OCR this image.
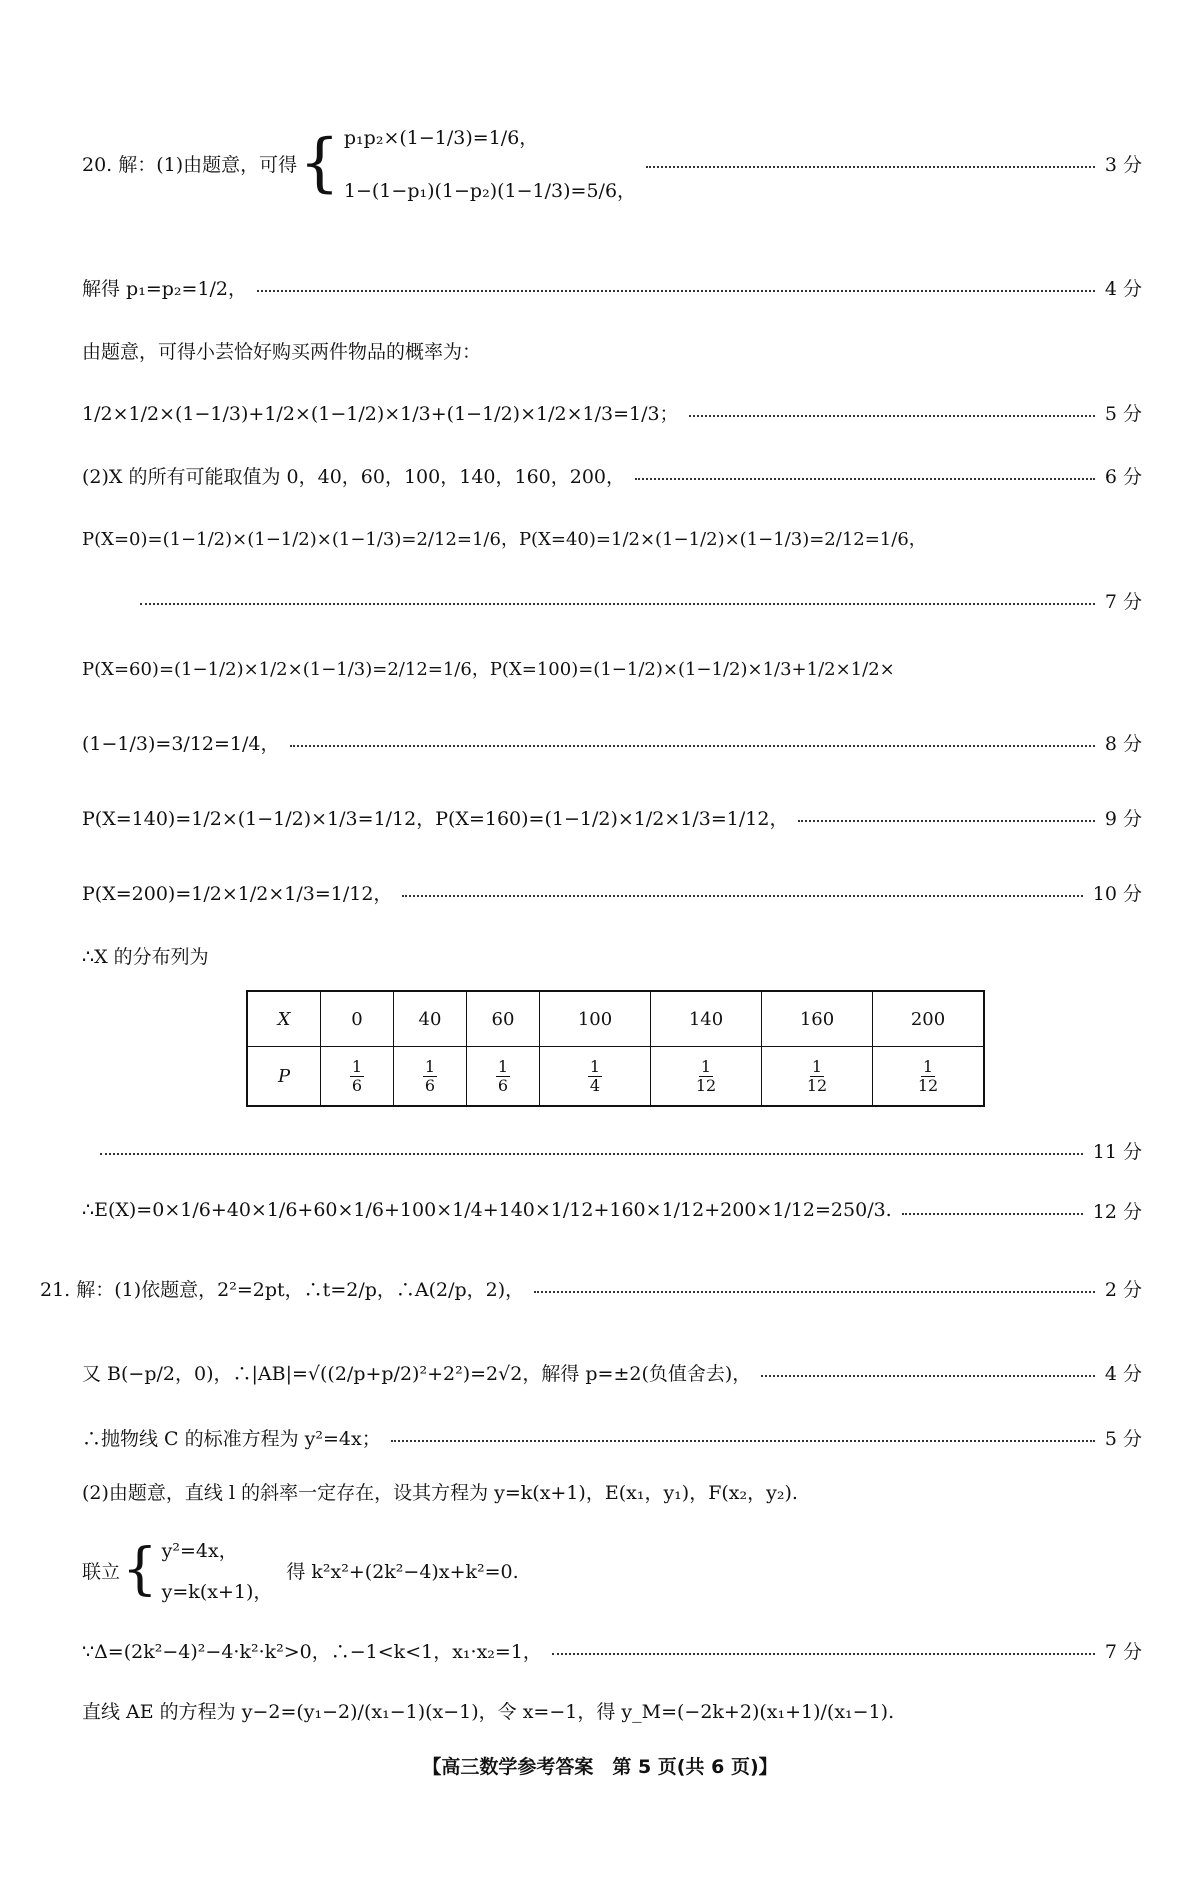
20. 解：(1)由题意，可得 { p₁p₂×(1−1/3)=1/6，
1−(1−p₁)(1−p₂)(1−1/3)=5/6，
3 分
解得 p₁=p₂=1/2，	4 分
由题意，可得小芸恰好购买两件物品的概率为：
1/2×1/2×(1−1/3)+1/2×(1−1/2)×1/3+(1−1/2)×1/2×1/3=1/3；	5 分
(2)X 的所有可能取值为 0，40，60，100，140，160，200，	6 分
P(X=0)=(1−1/2)×(1−1/2)×(1−1/3)=2/12=1/6，P(X=40)=1/2×(1−1/2)×(1−1/3)=2/12=1/6，
7 分
P(X=60)=(1−1/2)×1/2×(1−1/3)=2/12=1/6，P(X=100)=(1−1/2)×(1−1/2)×1/3+1/2×1/2×
(1−1/3)=3/12=1/4，	8 分
P(X=140)=1/2×(1−1/2)×1/3=1/12，P(X=160)=(1−1/2)×1/2×1/3=1/12，	9 分
P(X=200)=1/2×1/2×1/3=1/12，	10 分
∴X 的分布列为
X	0	40	60	100	140	160	200
P	$\frac{1}{6}$	$\frac{1}{6}$	$\frac{1}{6}$	$\frac{1}{4}$	$\frac{1}{12}$	$\frac{1}{12}$	$\frac{1}{12}$
11 分
∴E(X)=0×1/6+40×1/6+60×1/6+100×1/4+140×1/12+160×1/12+200×1/12=250/3.	12 分
21. 解：(1)依题意，2²=2pt，∴t=2/p，∴A(2/p，2)，	2 分
又 B(−p/2，0)，∴|AB|=√((2/p+p/2)²+2²)=2√2，解得 p=±2(负值舍去)，	4 分
∴抛物线 C 的标准方程为 y²=4x；	5 分
(2)由题意，直线 l 的斜率一定存在，设其方程为 y=k(x+1)，E(x₁，y₁)，F(x₂，y₂).
联立 { y²=4x，
y=k(x+1)，
得 k²x²+(2k²−4)x+k²=0.
∵Δ=(2k²−4)²−4·k²·k²>0，∴−1<k<1，x₁·x₂=1，	7 分
直线 AE 的方程为 y−2=(y₁−2)/(x₁−1)(x−1)，令 x=−1，得 y_M=(−2k+2)(x₁+1)/(x₁−1).
【高三数学参考答案　第 5 页(共 6 页)】
